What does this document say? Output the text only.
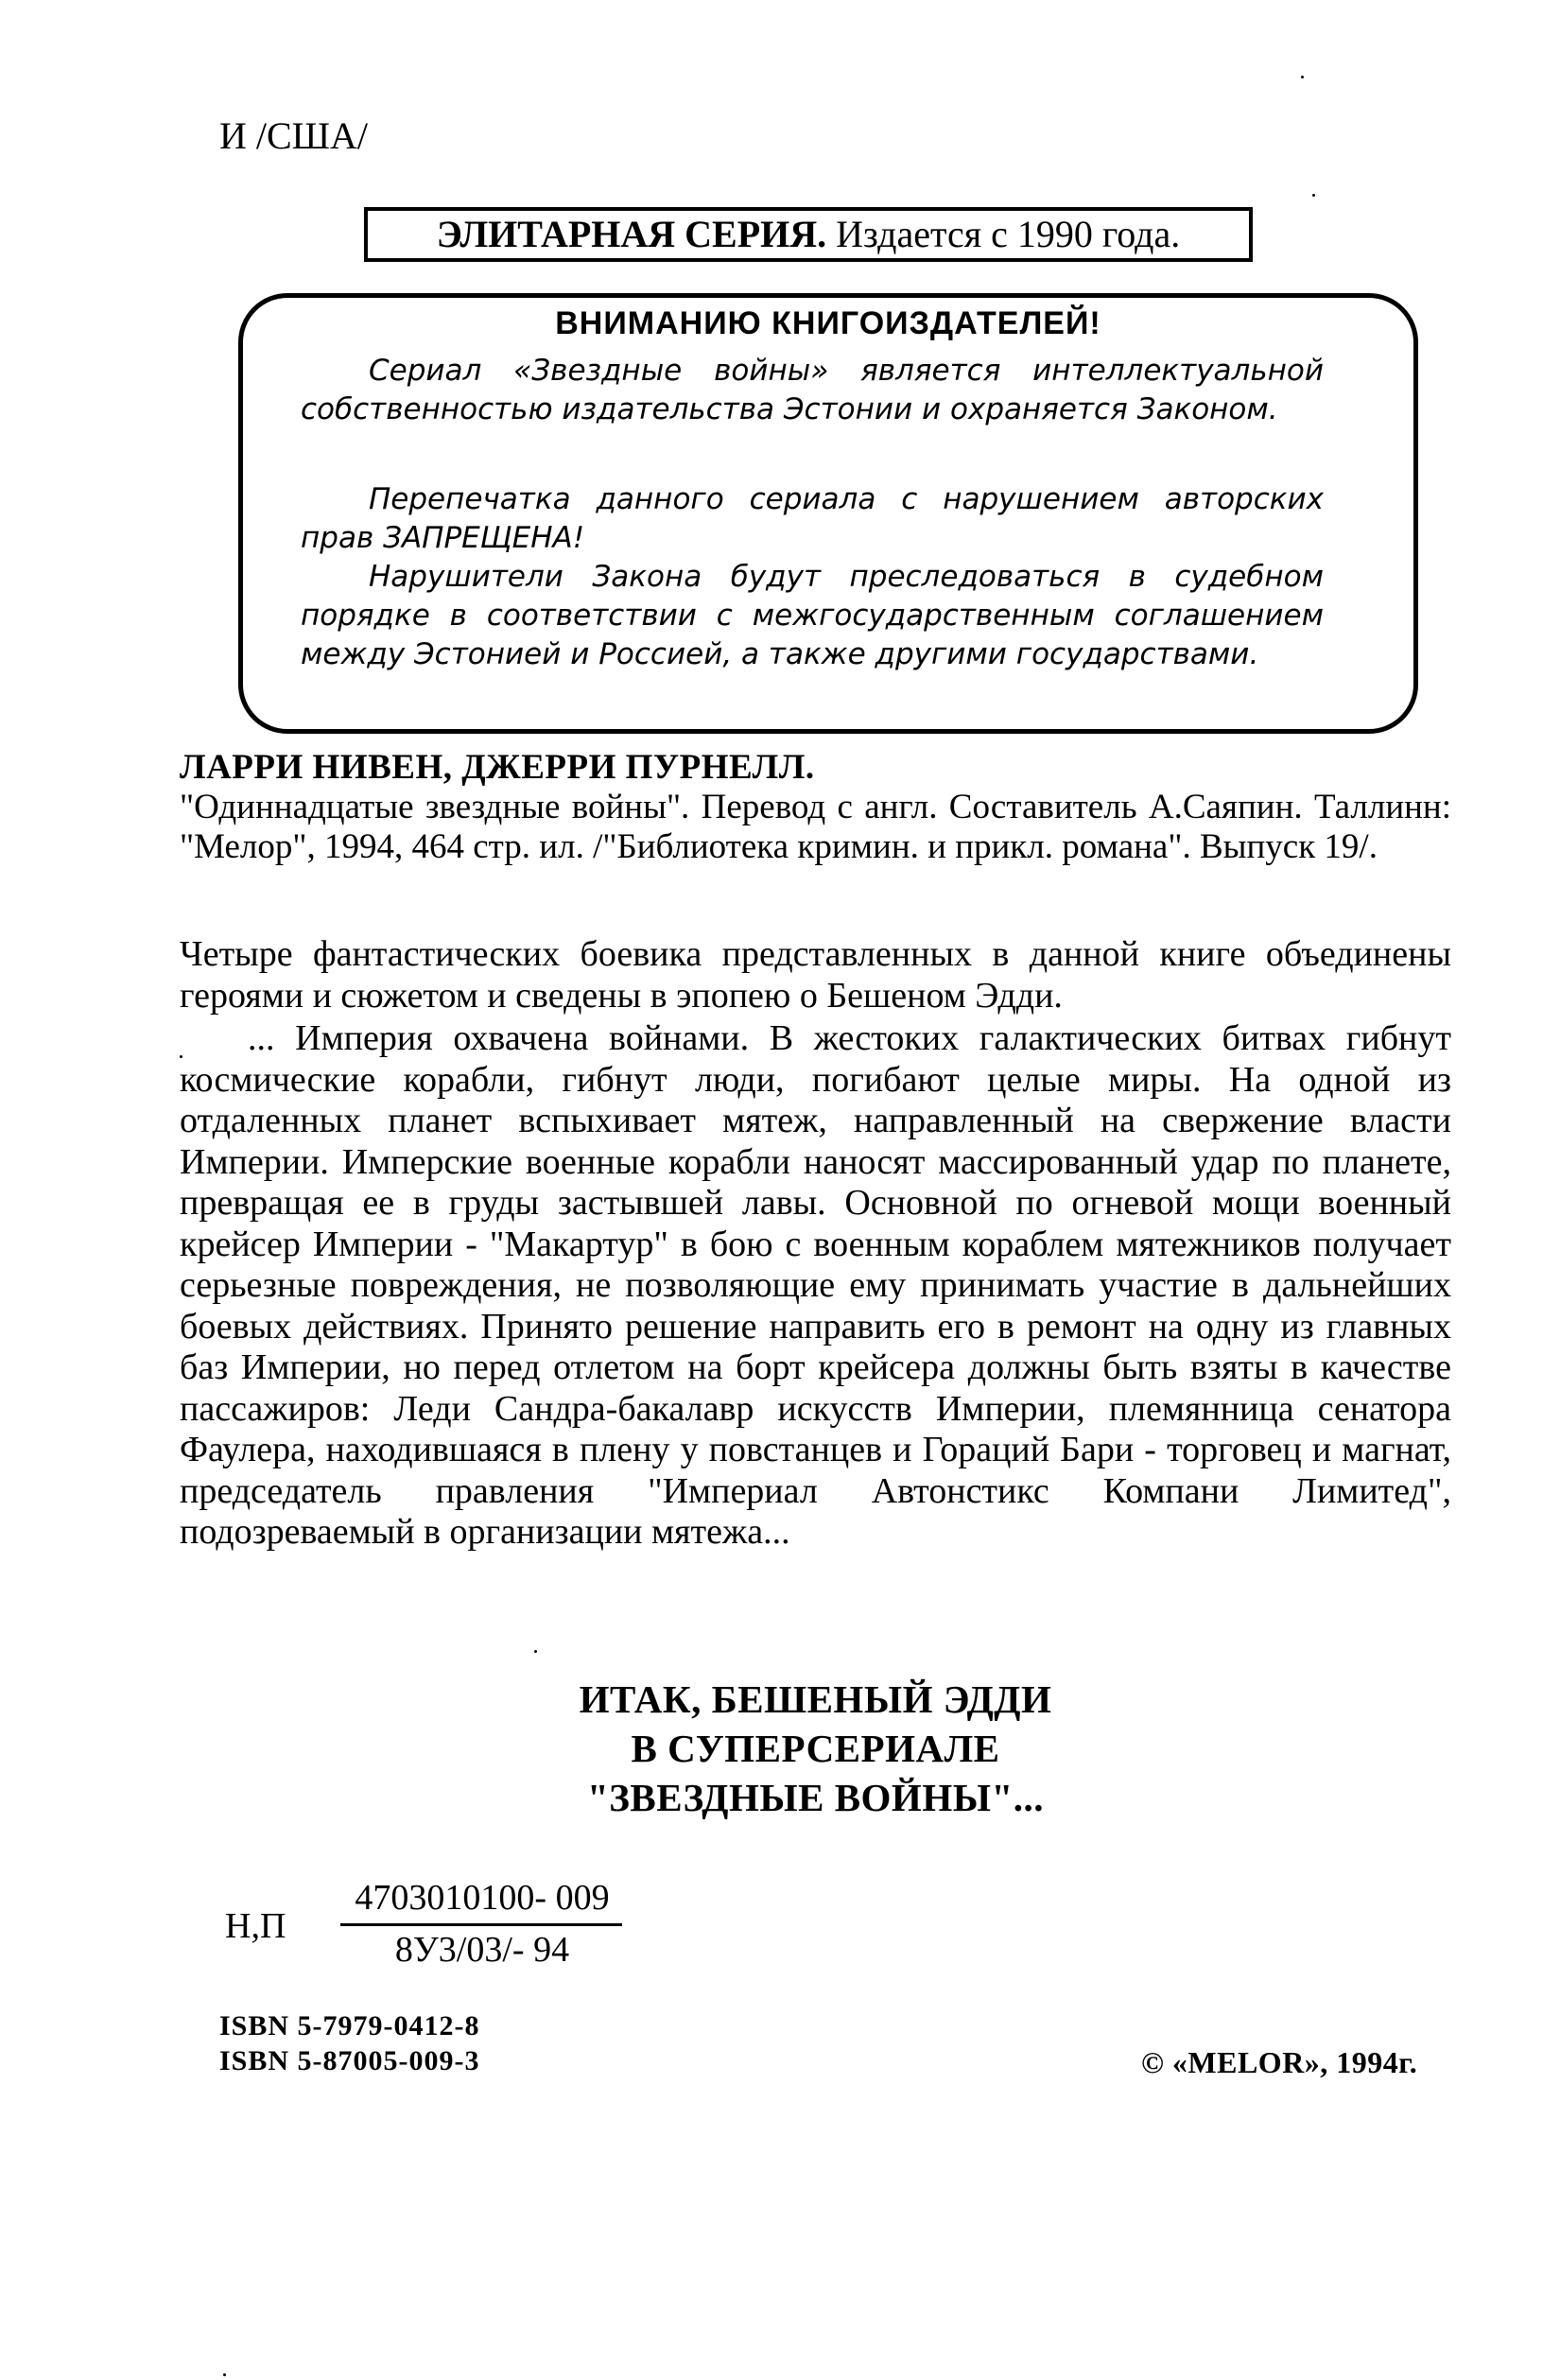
И /США/
ЭЛИТАРНАЯ СЕРИЯ. Издается с 1990 года.
ВНИМАНИЮ КНИГОИЗДАТЕЛЕЙ!
Сериал «Звездные войны» является интеллектуальной собственностью издательства Эстонии и охраняется Законом.
Перепечатка данного сериала с нарушением авторских прав ЗАПРЕЩЕНА!
Нарушители Закона будут преследоваться в судебном порядке в соответствии с межгосударственным соглашением между Эстонией и Россией, а также другими государствами.
ЛАРРИ НИВЕН, ДЖЕРРИ ПУРНЕЛЛ.
"Одиннадцатые звездные войны". Перевод с англ. Составитель А.Саяпин. Таллинн: "Мелор", 1994, 464 стр. ил. /"Библиотека кримин. и прикл. романа". Выпуск 19/.
Четыре фантастических боевика представленных в данной книге объединены героями и сюжетом и сведены в эпопею о Бешеном Эдди.
... Империя охвачена войнами. В жестоких галактических битвах гибнут космические корабли, гибнут люди, погибают целые миры. На одной из отдаленных планет вспыхивает мятеж, направленный на свержение власти Империи. Имперские военные корабли наносят массированный удар по планете, превращая ее в груды застывшей лавы. Основной по огневой мощи военный крейсер Империи - "Макартур" в бою с военным кораблем мятежников получает серьезные повреждения, не позволяющие ему принимать участие в дальнейших боевых действиях. Принято решение направить его в ремонт на одну из главных баз Империи, но перед отлетом на борт крейсера должны быть взяты в качестве пассажиров: Леди Сандра-бакалавр искусств Империи, племянница сенатора Фаулера, находившаяся в плену у повстанцев и Гораций Бари - торговец и магнат, председатель правления "Империал Автонстикс Компани Лимитед", подозреваемый в организации мятежа...
ИТАК, БЕШЕНЫЙ ЭДДИ
В СУПЕРСЕРИАЛЕ
"ЗВЕЗДНЫЕ ВОЙНЫ"...
Н,П
4703010100- 009
8У3/03/- 94
ISBN 5-7979-0412-8
ISBN 5-87005-009-3	© «MELOR», 1994г.
